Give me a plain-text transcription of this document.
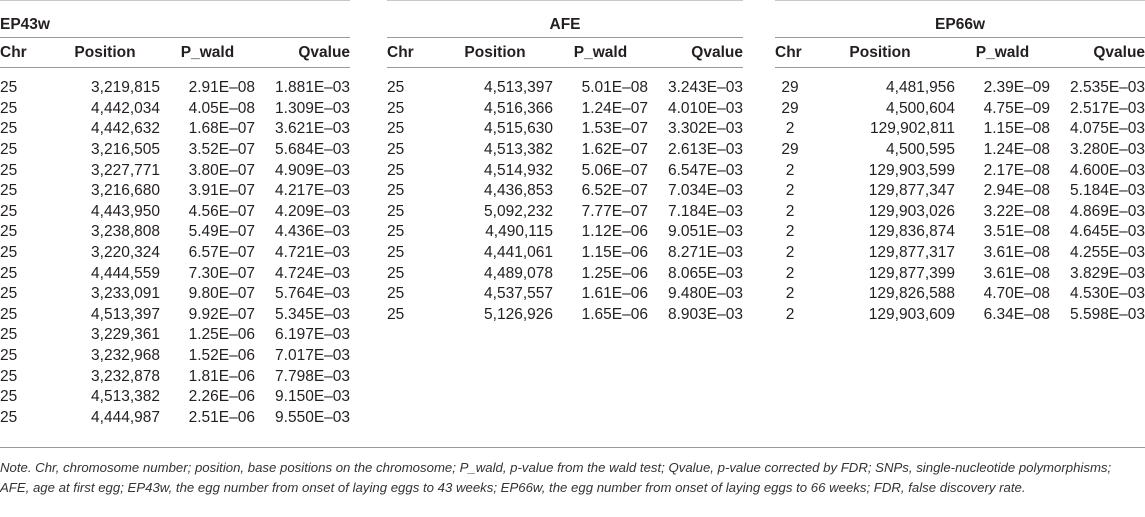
EP43w			
Chr	Position	P_wald	Qvalue

25	3,219,815	2.91E–08	1.881E–03
25	4,442,034	4.05E–08	1.309E–03
25	4,442,632	1.68E–07	3.621E–03
25	3,216,505	3.52E–07	5.684E–03
25	3,227,771	3.80E–07	4.909E–03
25	3,216,680	3.91E–07	4.217E–03
25	4,443,950	4.56E–07	4.209E–03
25	3,238,808	5.49E–07	4.436E–03
25	3,220,324	6.57E–07	4.721E–03
25	4,444,559	7.30E–07	4.724E–03
25	3,233,091	9.80E–07	5.764E–03
25	4,513,397	9.92E–07	5.345E–03
25	3,229,361	1.25E–06	6.197E–03
25	3,232,968	1.52E–06	7.017E–03
25	3,232,878	1.81E–06	7.798E–03
25	4,513,382	2.26E–06	9.150E–03
25	4,444,987	2.51E–06	9.550E–03
AFE			
Chr	Position	P_wald	Qvalue

25	4,513,397	5.01E–08	3.243E–03
25	4,516,366	1.24E–07	4.010E–03
25	4,515,630	1.53E–07	3.302E–03
25	4,513,382	1.62E–07	2.613E–03
25	4,514,932	5.06E–07	6.547E–03
25	4,436,853	6.52E–07	7.034E–03
25	5,092,232	7.77E–07	7.184E–03
25	4,490,115	1.12E–06	9.051E–03
25	4,441,061	1.15E–06	8.271E–03
25	4,489,078	1.25E–06	8.065E–03
25	4,537,557	1.61E–06	9.480E–03
25	5,126,926	1.65E–06	8.903E–03
EP66w			
Chr	Position	P_wald	Qvalue

29	4,481,956	2.39E–09	2.535E–03
29	4,500,604	4.75E–09	2.517E–03
2	129,902,811	1.15E–08	4.075E–03
29	4,500,595	1.24E–08	3.280E–03
2	129,903,599	2.17E–08	4.600E–03
2	129,877,347	2.94E–08	5.184E–03
2	129,903,026	3.22E–08	4.869E–03
2	129,836,874	3.51E–08	4.645E–03
2	129,877,317	3.61E–08	4.255E–03
2	129,877,399	3.61E–08	3.829E–03
2	129,826,588	4.70E–08	4.530E–03
2	129,903,609	6.34E–08	5.598E–03
Note. Chr, chromosome number; position, base positions on the chromosome; P_wald, p-value from the wald test; Qvalue, p-value corrected by FDR; SNPs, single-nucleotide polymorphisms; AFE, age at first egg; EP43w, the egg number from onset of laying eggs to 43 weeks; EP66w, the egg number from onset of laying eggs to 66 weeks; FDR, false discovery rate.
